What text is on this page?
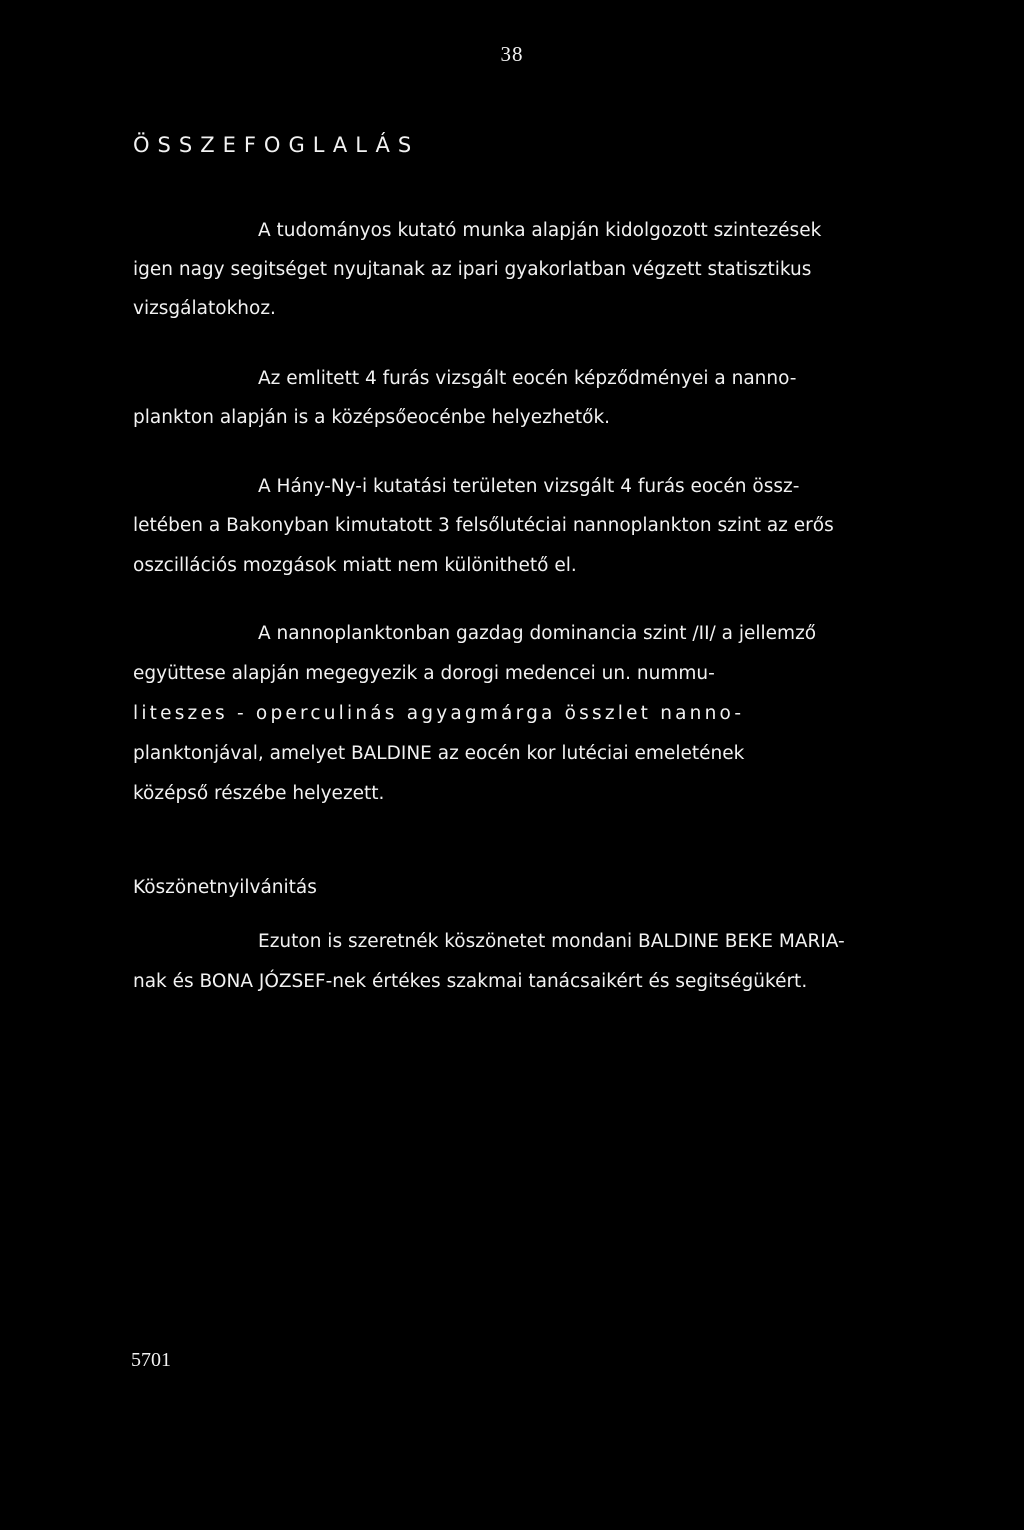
38
ÖSSZEFOGLALÁS

A tudományos kutató munka alapján kidolgozott szintezések

igen nagy segitséget nyujtanak az ipari gyakorlatban végzett statisztikus

vizsgálatokhoz.

Az emlitett 4 furás vizsgált eocén képződményei a nanno-

plankton alapján is a középsőeocénbe helyezhetők.

A Hány-Ny-i kutatási területen vizsgált 4 furás eocén össz-

letében a Bakonyban kimutatott 3 felsőlutéciai nannoplankton szint az erős

oszcillációs mozgások miatt nem különithető el.

A nannoplanktonban gazdag dominancia szint /II/ a jellemző

együttese alapján megegyezik a dorogi medencei un. nummu-

liteszes - operculinás agyagmárga összlet nanno-

planktonjával, amelyet BALDINE az eocén kor lutéciai emeletének

középső részébe helyezett.

Köszönetnyilvánitás

Ezuton is szeretnék köszönetet mondani BALDINE BEKE MARIA-

nak és BONA JÓZSEF-nek értékes szakmai tanácsaikért és segitségükért.

5701
